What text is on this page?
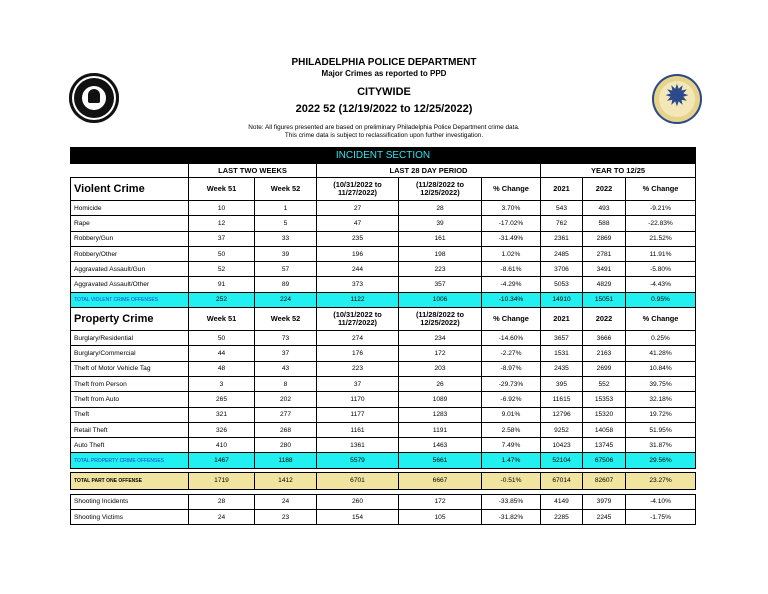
✹
PHILADELPHIA POLICE DEPARTMENT
Major Crimes as reported to PPD
CITYWIDE
2022 52 (12/19/2022 to 12/25/2022)
Note: All figures presented are based on preliminary Philadelphia Police Department crime data.
This crime data is subject to reclassification upon further investigation.
INCIDENT SECTION								
	LAST TWO WEEKS		LAST 28 DAY PERIOD			YEAR TO 12/25		
Violent Crime	Week 51	Week 52	(10/31/2022 to
11/27/2022)	(11/28/2022 to
12/25/2022)	% Change	2021	2022	% Change
Homicide	10	1	27	28	3.70%	543	493	-9.21%
Rape	12	5	47	39	-17.02%	762	588	-22.83%
Robbery/Gun	37	33	235	161	-31.49%	2361	2869	21.52%
Robbery/Other	50	39	196	198	1.02%	2485	2781	11.91%
Aggravated Assault/Gun	52	57	244	223	-8.61%	3706	3491	-5.80%
Aggravated Assault/Other	91	89	373	357	-4.29%	5053	4829	-4.43%
TOTAL VIOLENT CRIME OFFENSES	252	224	1122	1006	-10.34%	14910	15051	0.95%
Property Crime	Week 51	Week 52	(10/31/2022 to
11/27/2022)	(11/28/2022 to
12/25/2022)	% Change	2021	2022	% Change
Burglary/Residential	50	73	274	234	-14.60%	3657	3666	0.25%
Burglary/Commercial	44	37	176	172	-2.27%	1531	2163	41.28%
Theft of Motor Vehicle Tag	48	43	223	203	-8.97%	2435	2699	10.84%
Theft from Person	3	8	37	26	-29.73%	395	552	39.75%
Theft from Auto	265	202	1170	1089	-6.92%	11615	15353	32.18%
Theft	321	277	1177	1283	9.01%	12796	15320	19.72%
Retail Theft	326	268	1161	1191	2.58%	9252	14058	51.95%
Auto Theft	410	280	1361	1463	7.49%	10423	13745	31.87%
TOTAL PROPERTY CRIME OFFENSES	1467	1188	5579	5661	1.47%	52104	67506	29.56%

TOTAL PART ONE OFFENSE	1719	1412	6701	6667	-0.51%	67014	82607	23.27%

Shooting Incidents	28	24	260	172	-33.85%	4149	3979	-4.10%
Shooting Victims	24	23	154	105	-31.82%	2285	2245	-1.75%
